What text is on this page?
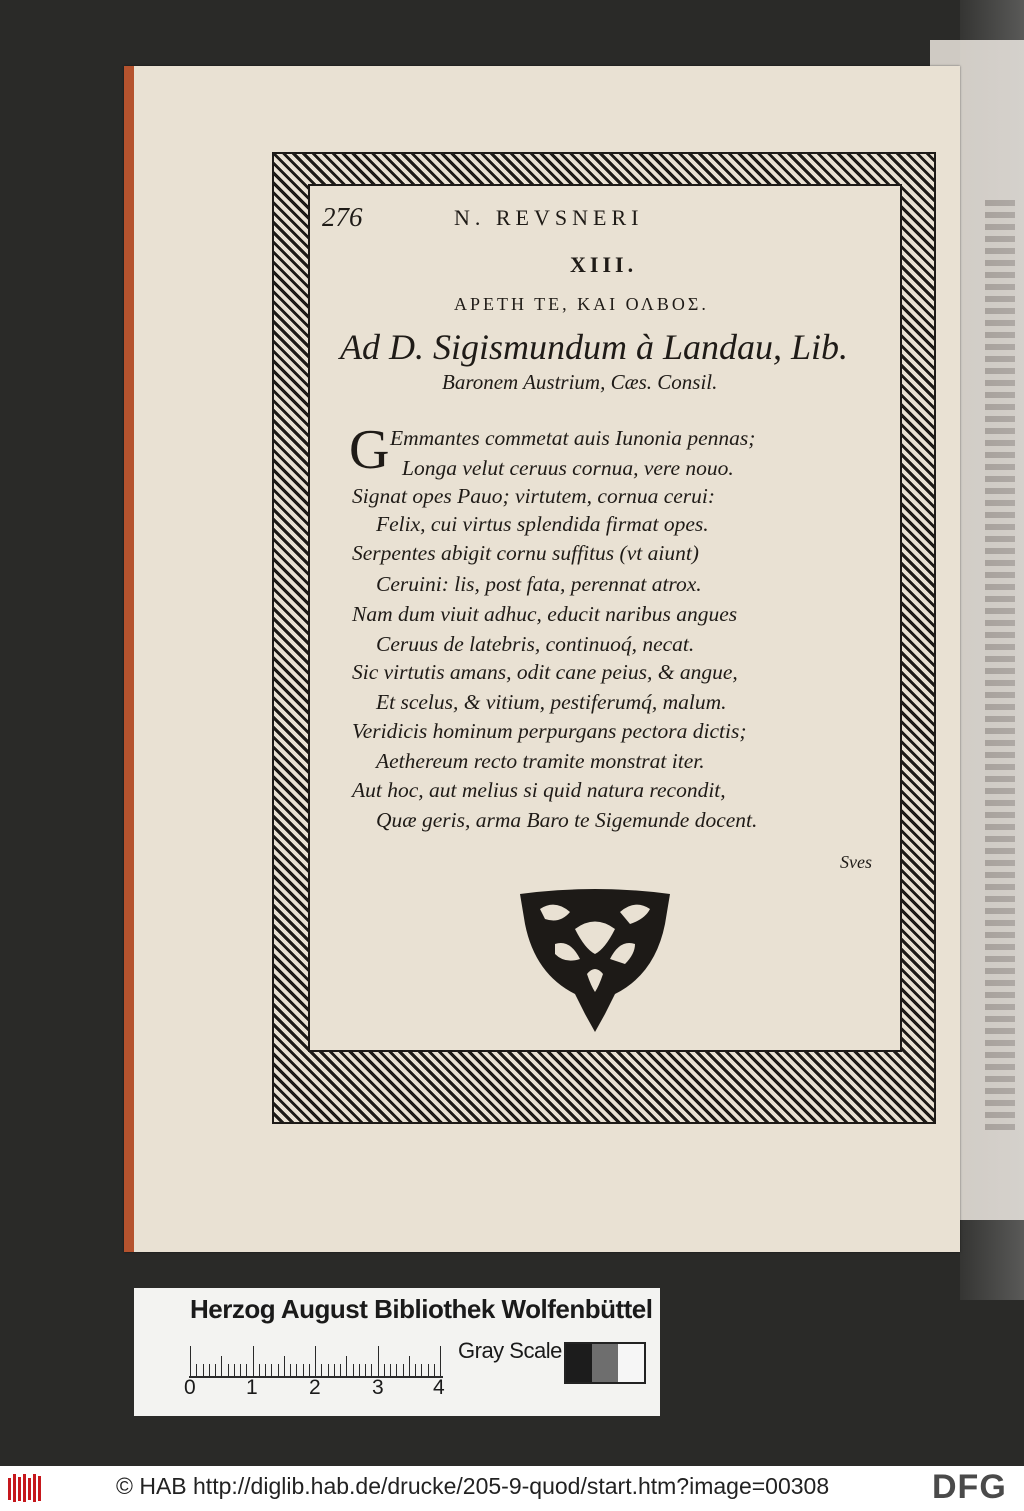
276	N. REVSNERI
XIII.
ΑΡΕΤΗ ΤΕ, ΚΑΙ ΟΛΒΟΣ.
Ad D. Sigismundum à Landau, Lib.
Baronem Austrium, Cæs. Consil.
G Emmantes commetat auis Iunonia pennas;
Longa velut ceruus cornua, vere nouo.
Signat opes Pauo; virtutem, cornua cerui:
Felix, cui virtus splendida firmat opes.
Serpentes abigit cornu suffitus (vt aiunt)
Ceruini: lis, post fata, perennat atrox.
Nam dum viuit adhuc, educit naribus angues
Ceruus de latebris, continuoq́, necat.
Sic virtutis amans, odit cane peius, & angue,
Et scelus, & vitium, pestiferumq́, malum.
Veridicis hominum perpurgans pectora dictis;
Aethereum recto tramite monstrat iter.
Aut hoc, aut melius si quid natura recondit,
Quæ geris, arma Baro te Sigemunde docent.
Sves
Herzog August Bibliothek Wolfenbüttel
0 1 2 3 4
Gray Scale
© HAB http://diglib.hab.de/drucke/205-9-quod/start.htm?image=00308	DFG
